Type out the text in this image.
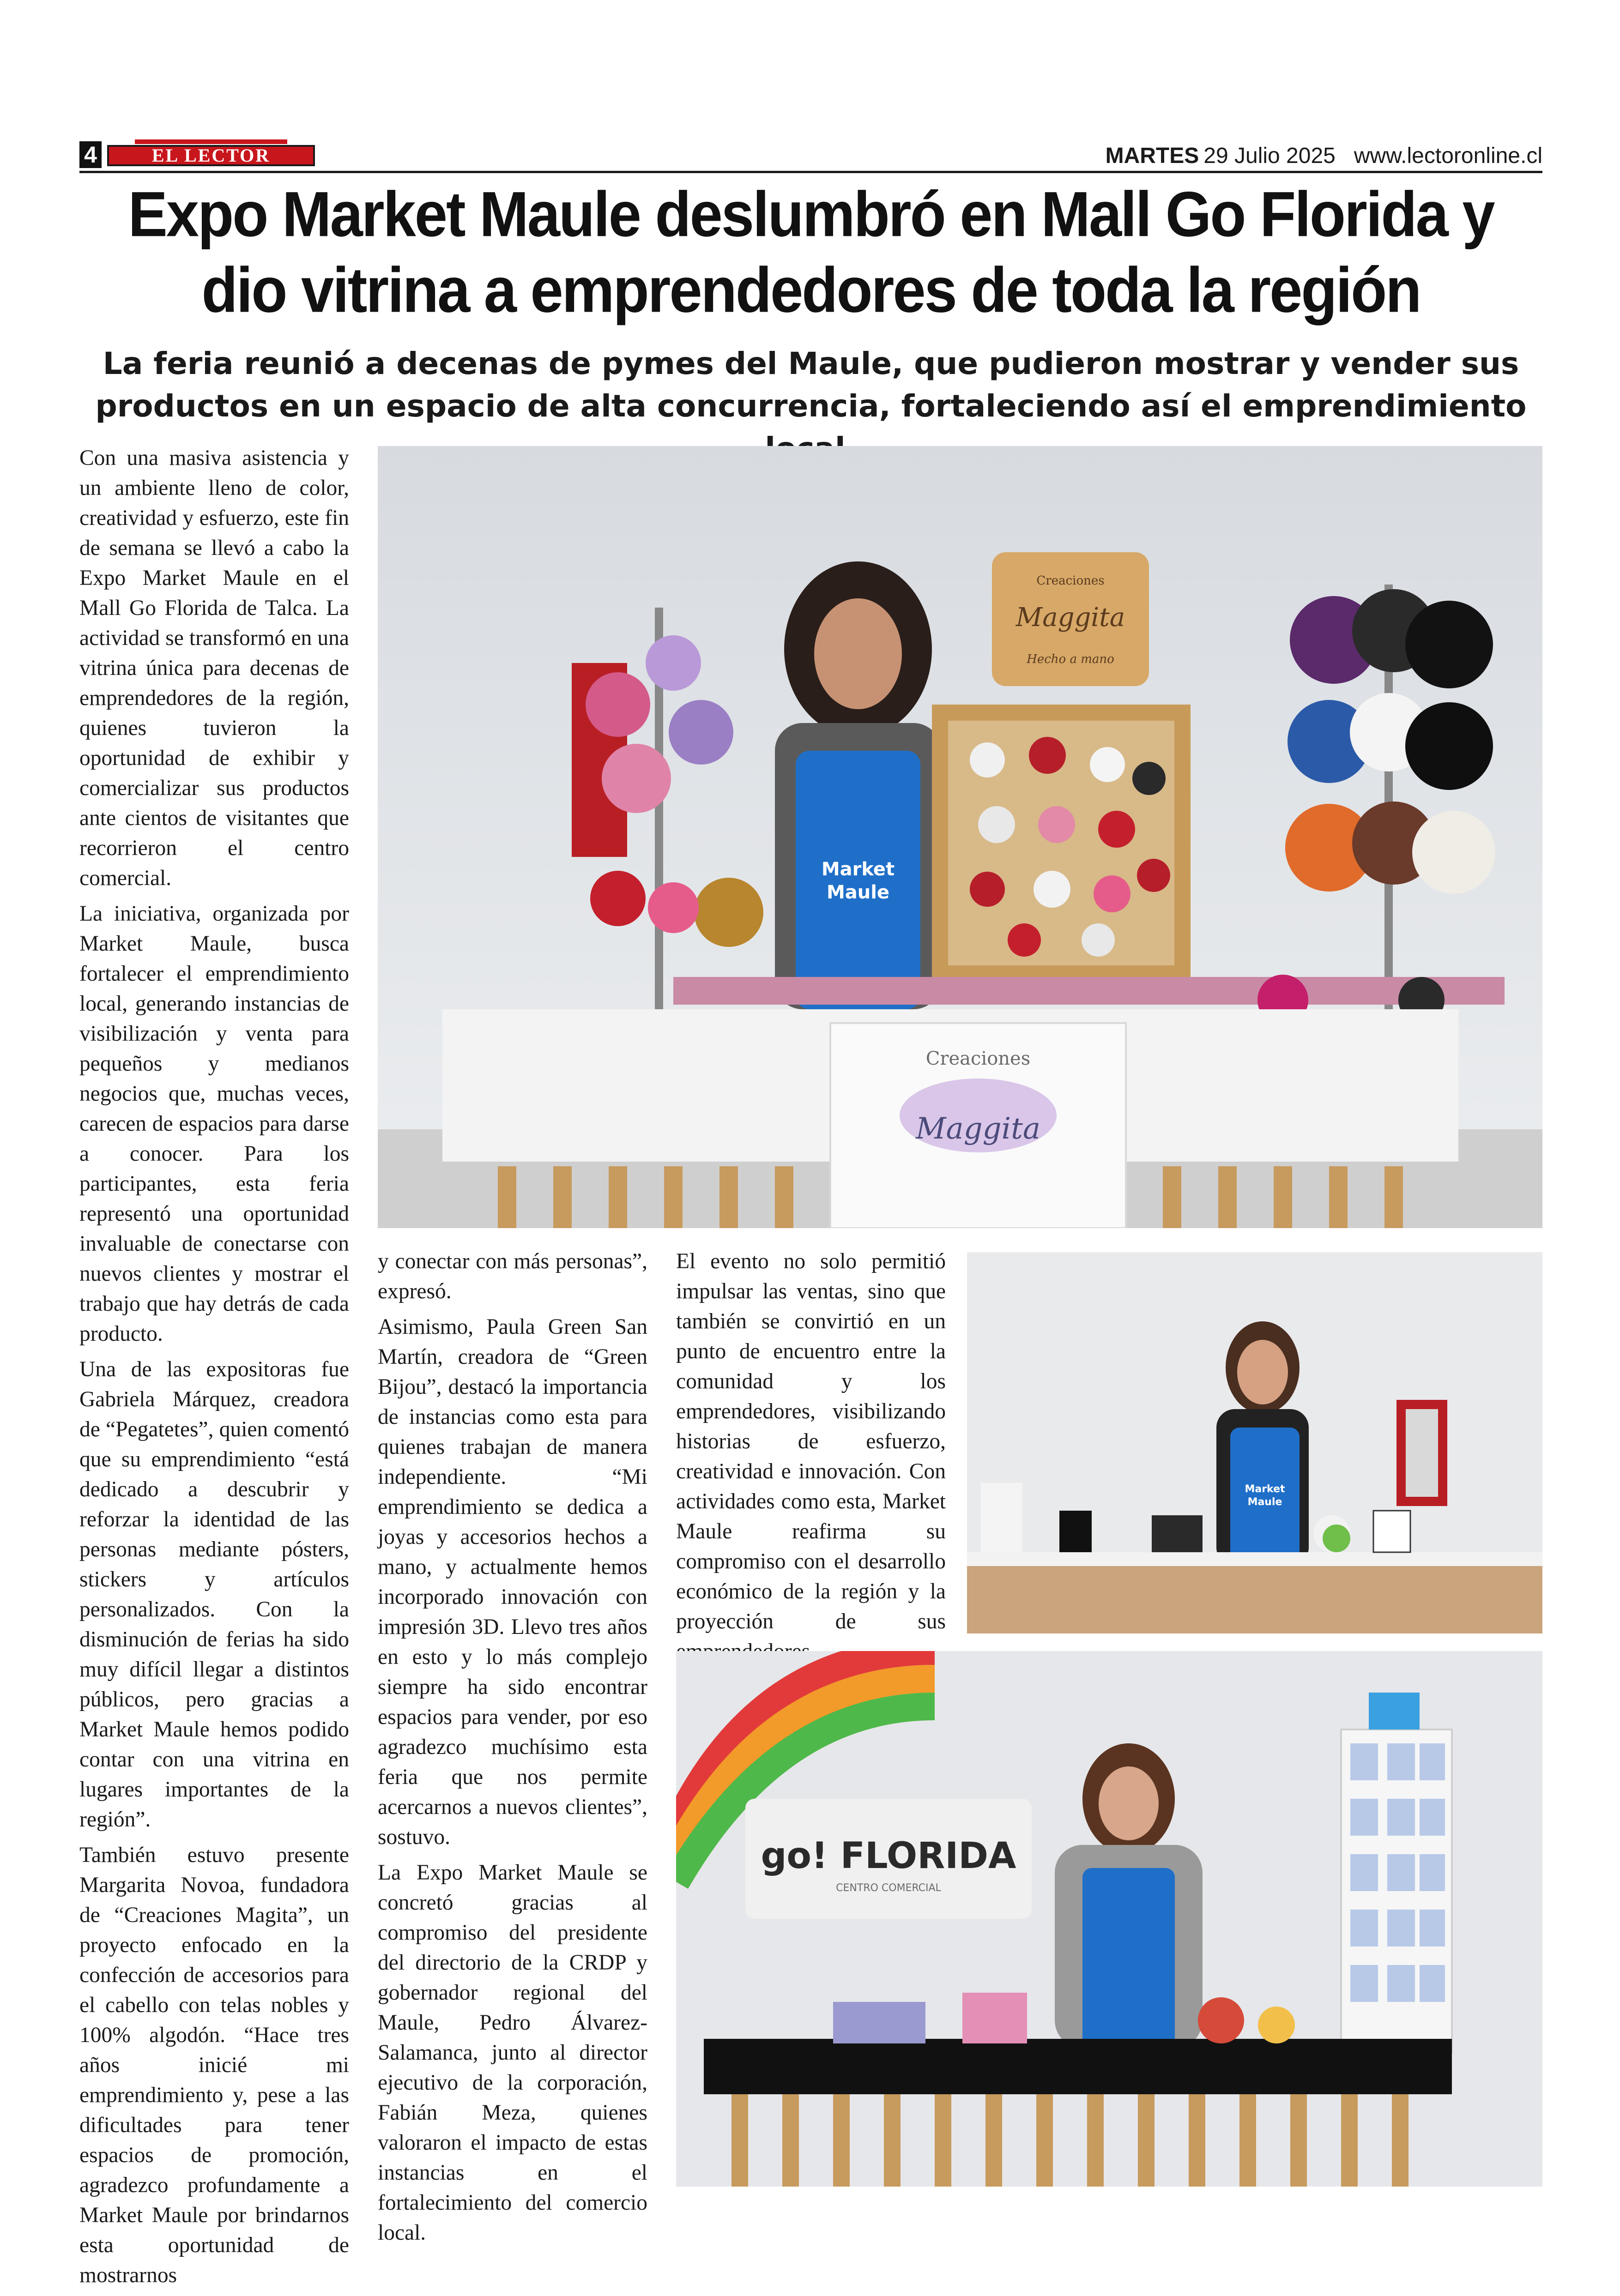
4	EL LECTOR	MARTES 29 Julio 2025 www.lectoronline.cl
Expo Market Maule deslumbró en Mall Go Florida y dio vitrina a emprendedores de toda la región
La feria reunió a decenas de pymes del Maule, que pudieron mostrar y vender sus productos en un espacio de alta concurrencia, fortaleciendo así el emprendimiento

Con una masiva asistencia y un ambiente lleno de color, creatividad y esfuerzo, este fin de semana se llevó a cabo la Expo Market Maule en el Mall Go Florida de Talca. La actividad se transformó en una vitrina única para decenas de emprendedores de la región, quienes tuvieron la oportunidad de exhibir y comercializar sus productos ante cientos de visitantes que recorrieron el centro comercial.

La iniciativa, organizada por Market Maule, busca fortalecer el emprendimiento local, generando instancias de visibilización y venta para pequeños y medianos negocios que, muchas veces, carecen de espacios para darse a conocer. Para los participantes, esta feria representó una oportunidad invaluable de conectarse con nuevos clientes y mostrar el trabajo que hay detrás de cada producto.

Una de las expositoras fue Gabriela Márquez, creadora de “Pegatetes”, quien comentó que su emprendimiento “está dedicado a descubrir y reforzar la identidad de las personas mediante pósters, stickers y artículos personalizados. Con la disminución de ferias ha sido muy difícil llegar a distintos públicos, pero gracias a Market Maule hemos podido contar con una vitrina en lugares importantes de la región”.

También estuvo presente Margarita Novoa, fundadora de “Creaciones Magita”, un proyecto enfocado en la confección de accesorios para el cabello con telas nobles y 100% algodón. “Hace tres años inicié mi emprendimiento y, pese a las dificultades para tener espacios de promoción, agradezco profundamente a Market Maule por brindarnos esta oportunidad de mostrarnos

Market
Maule
Creaciones
Maggita
Hecho a mano
Creaciones
Maggita

y conectar con más personas”, expresó.

Asimismo, Paula Green San Martín, creadora de “Green Bijou”, destacó la importancia de instancias como esta para quienes trabajan de manera independiente. “Mi emprendimiento se dedica a joyas y accesorios hechos a mano, y actualmente hemos incorporado innovación con impresión 3D. Llevo tres años en esto y lo más complejo siempre ha sido encontrar espacios para vender, por eso agradezco muchísimo esta feria que nos permite acercarnos a nuevos clientes”, sostuvo.

La Expo Market Maule se concretó gracias al compromiso del presidente del directorio de la CRDP y gobernador regional del Maule, Pedro Álvarez-Salamanca, junto al director ejecutivo de la corporación, Fabián Meza, quienes valoraron el impacto de estas instancias en el fortalecimiento del comercio local.

El evento no solo permitió impulsar las ventas, sino que también se convirtió en un punto de encuentro entre la comunidad y los emprendedores, visibilizando historias de esfuerzo, creatividad e innovación. Con actividades como esta, Market Maule reafirma su compromiso con el desarrollo económico de la región y la proyección de sus

Market
Maule
go! FLORIDA
CENTRO COMERCIAL
